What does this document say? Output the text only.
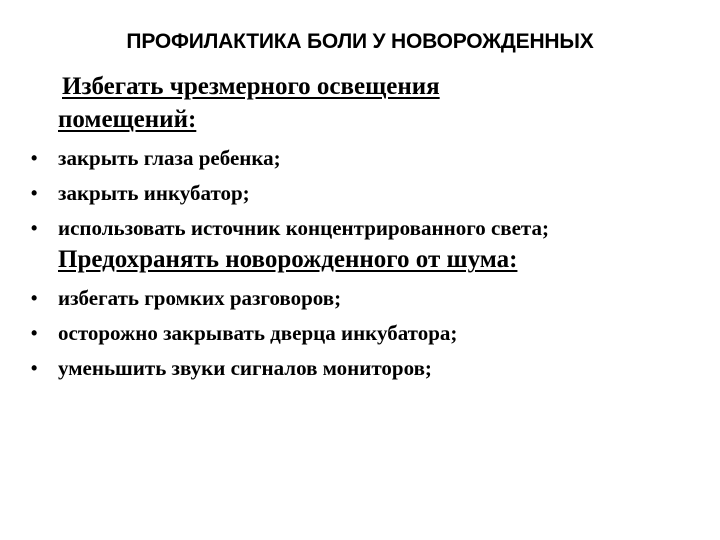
ПРОФИЛАКТИКА БОЛИ У НОВОРОЖДЕННЫХ
Избегать чрезмерного освещения
помещений:
• закрыть глаза ребенка;
• закрыть инкубатор;
• использовать источник концентрированного света;
Предохранять новорожденного от шума:
• избегать громких разговоров;
• осторожно закрывать дверца инкубатора;
• уменьшить звуки сигналов мониторов;
